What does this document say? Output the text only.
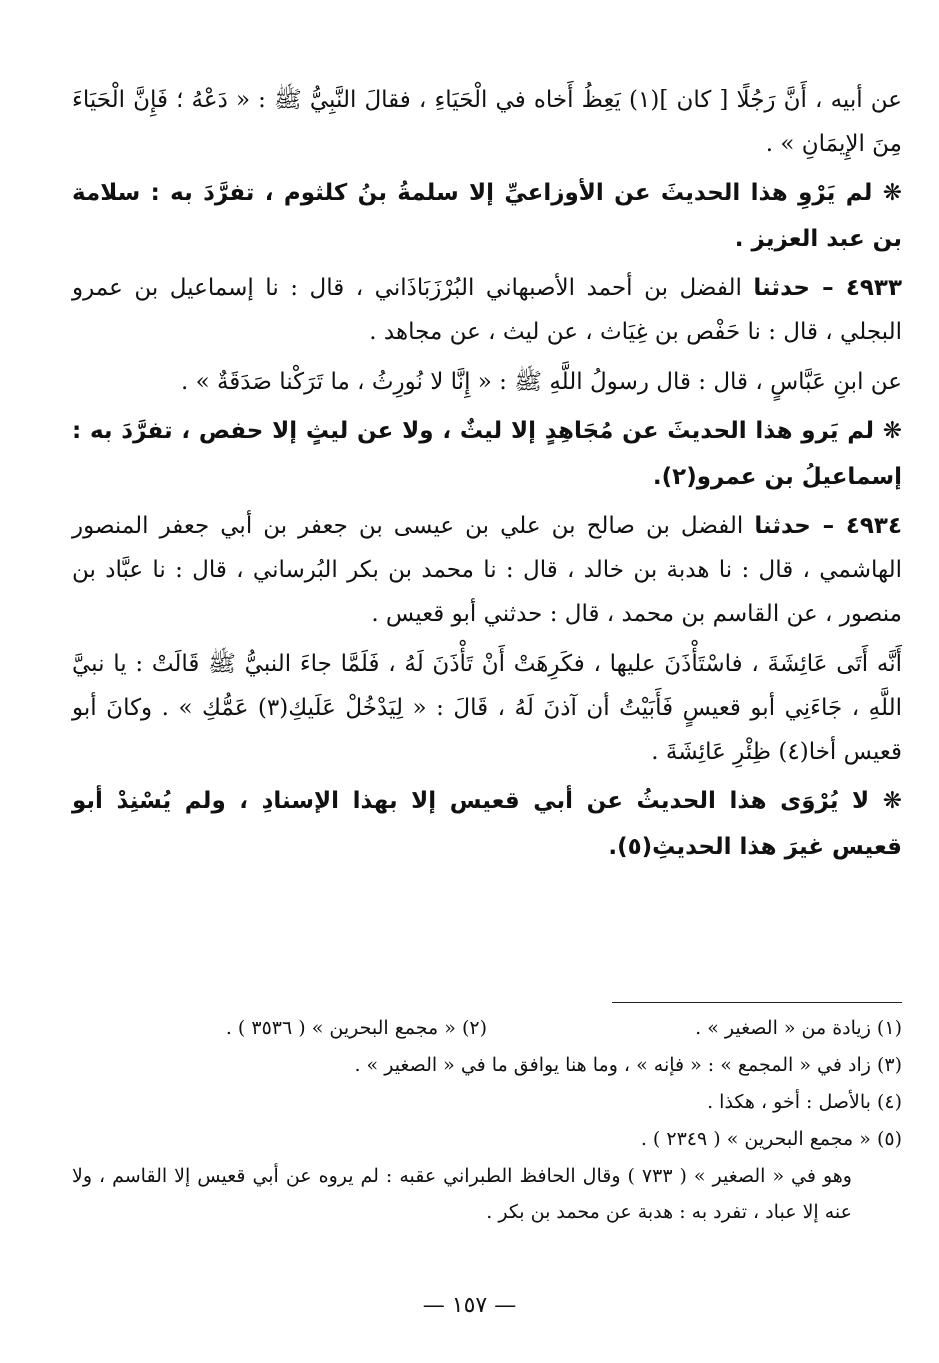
عن أبيه ، أَنَّ رَجُلًا [ كان ](١) يَعِظُ أَخاه في الْحَيَاءِ ، فقالَ النَّبِيُّ ﷺ : « دَعْهُ ؛ فَإِنَّ الْحَيَاءَ مِنَ الإِيمَانِ » .

❋ لم يَرْوِ هذا الحديثَ عن الأوزاعيِّ إلا سلمةُ بنُ كلثوم ، تفرَّدَ به : سلامة بن عبد العزيز .

٤٩٣٣ – حدثنا الفضل بن أحمد الأصبهاني البُرْزَبَاذَاني ، قال : نا إسماعيل بن عمرو البجلي ، قال : نا حَفْص بن غِيَاث ، عن ليث ، عن مجاهد .

عن ابنِ عَبَّاسٍ ، قال : قال رسولُ اللَّهِ ﷺ : « إِنَّا لا نُورِثُ ، ما تَرَكْنا صَدَقَةٌ » .

❋ لم يَرو هذا الحديثَ عن مُجَاهِدٍ إلا ليثٌ ، ولا عن ليثٍ إلا حفص ، تفرَّدَ به : إسماعيلُ بن عمرو(٢).

٤٩٣٤ – حدثنا الفضل بن صالح بن علي بن عيسى بن جعفر بن أبي جعفر المنصور الهاشمي ، قال : نا هدبة بن خالد ، قال : نا محمد بن بكر البُرساني ، قال : نا عبَّاد بن منصور ، عن القاسم بن محمد ، قال : حدثني أبو قعيس .

أَنَّه أَتَى عَائِشَةَ ، فاسْتَأْذَنَ عليها ، فكَرِهَتْ أَنْ تَأْذَنَ لَهُ ، فَلَمَّا جاءَ النبيُّ ﷺ قَالَتْ : يا نبيَّ اللَّهِ ، جَاءَنِي أبو قعيسٍ فَأَبَيْتُ أن آذنَ لَهُ ، قَالَ : « لِيَدْخُلْ عَلَيكِ(٣) عَمُّكِ » . وكانَ أبو قعيس أخا(٤) ظِئْرِ عَائِشَةَ .

❋ لا يُرْوَى هذا الحديثُ عن أبي قعيس إلا بهذا الإسنادِ ، ولم يُسْنِدْ أبو قعيس غيرَ هذا الحديثِ(٥).

(١) زيادة من « الصغير » .
(٢) « مجمع البحرين » ( ٣٥٣٦ ) .

(٣) زاد في « المجمع » : « فإنه » ، وما هنا يوافق ما في « الصغير » .

(٤) بالأصل : أخو ، هكذا .

(٥) « مجمع البحرين » ( ٢٣٤٩ ) .

وهو في « الصغير » ( ٧٣٣ ) وقال الحافظ الطبراني عقبه : لم يروه عن أبي قعيس إلا القاسم ، ولا عنه إلا عباد ، تفرد به : هدبة عن محمد بن بكر .

— ١٥٧ —
